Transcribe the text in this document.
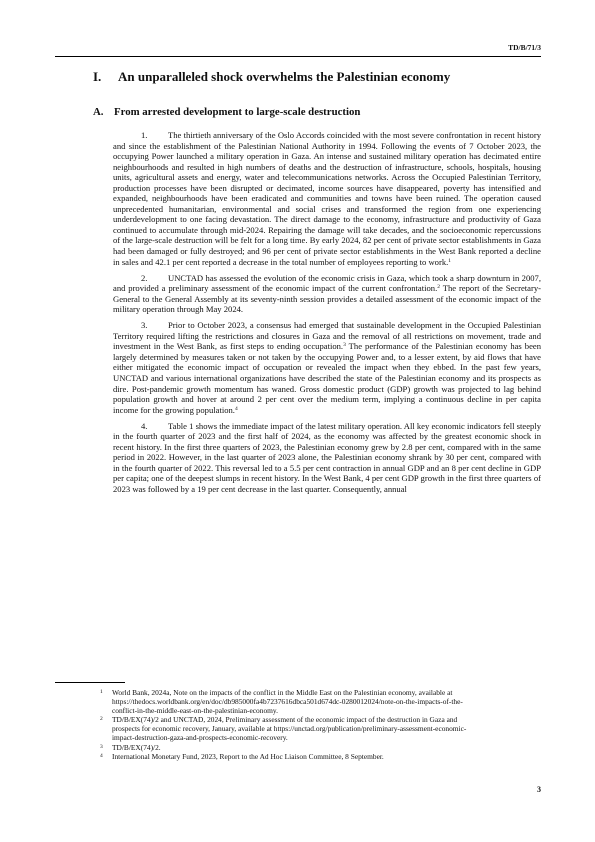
TD/B/71/3
I. An unparalleled shock overwhelms the Palestinian economy
A. From arrested development to large-scale destruction

1. The thirtieth anniversary of the Oslo Accords coincided with the most severe confrontation in recent history and since the establishment of the Palestinian National Authority in 1994. Following the events of 7 October 2023, the occupying Power launched a military operation in Gaza. An intense and sustained military operation has decimated entire neighbourhoods and resulted in high numbers of deaths and the destruction of infrastructure, schools, hospitals, housing units, agricultural assets and energy, water and telecommunications networks. Across the Occupied Palestinian Territory, production processes have been disrupted or decimated, income sources have disappeared, poverty has intensified and expanded, neighbourhoods have been eradicated and communities and towns have been ruined. The operation caused unprecedented humanitarian, environmental and social crises and transformed the region from one experiencing underdevelopment to one facing devastation. The direct damage to the economy, infrastructure and productivity of Gaza continued to accumulate through mid-2024. Repairing the damage will take decades, and the socioeconomic repercussions of the large-scale destruction will be felt for a long time. By early 2024, 82 per cent of private sector establishments in Gaza had been damaged or fully destroyed; and 96 per cent of private sector establishments in the West Bank reported a decline in sales and 42.1 per cent reported a decrease in the total number of employees reporting to work.$^1$

2. UNCTAD has assessed the evolution of the economic crisis in Gaza, which took a sharp downturn in 2007, and provided a preliminary assessment of the economic impact of the current confrontation.$^2$ The report of the Secretary-General to the General Assembly at its seventy-ninth session provides a detailed assessment of the economic impact of the military operation through May 2024.

3. Prior to October 2023, a consensus had emerged that sustainable development in the Occupied Palestinian Territory required lifting the restrictions and closures in Gaza and the removal of all restrictions on movement, trade and investment in the West Bank, as first steps to ending occupation.$^3$ The performance of the Palestinian economy has been largely determined by measures taken or not taken by the occupying Power and, to a lesser extent, by aid flows that have either mitigated the economic impact of occupation or revealed the impact when they ebbed. In the past few years, UNCTAD and various international organizations have described the state of the Palestinian economy and its prospects as dire. Post-pandemic growth momentum has waned. Gross domestic product (GDP) growth was projected to lag behind population growth and hover at around 2 per cent over the medium term, implying a continuous decline in per capita income for the growing population.$^4$

4. Table 1 shows the immediate impact of the latest military operation. All key economic indicators fell steeply in the fourth quarter of 2023 and the first half of 2024, as the economy was affected by the greatest economic shock in recent history. In the first three quarters of 2023, the Palestinian economy grew by 2.8 per cent, compared with in the same period in 2022. However, in the last quarter of 2023 alone, the Palestinian economy shrank by 30 per cent, compared with in the fourth quarter of 2022. This reversal led to a 5.5 per cent contraction in annual GDP and an 8 per cent decline in GDP per capita; one of the deepest slumps in recent history. In the West Bank, 4 per cent GDP growth in the first three quarters of 2023 was followed by a 19 per cent decrease in the last quarter. Consequently, annual

1	World Bank, 2024a, Note on the impacts of the conflict in the Middle East on the Palestinian economy, available at https://thedocs.worldbank.org/en/doc/db985000fa4b7237616dbca501d674dc-0280012024/note-on-the-impacts-of-the-conflict-in-the-middle-east-on-the-palestinian-economy.
2	TD/B/EX(74)/2 and UNCTAD, 2024, Preliminary assessment of the economic impact of the destruction in Gaza and prospects for economic recovery, January, available at https://unctad.org/publication/preliminary-assessment-economic-impact-destruction-gaza-and-prospects-economic-recovery.
3	TD/B/EX(74)/2.
4	International Monetary Fund, 2023, Report to the Ad Hoc Liaison Committee, 8 September.
3
